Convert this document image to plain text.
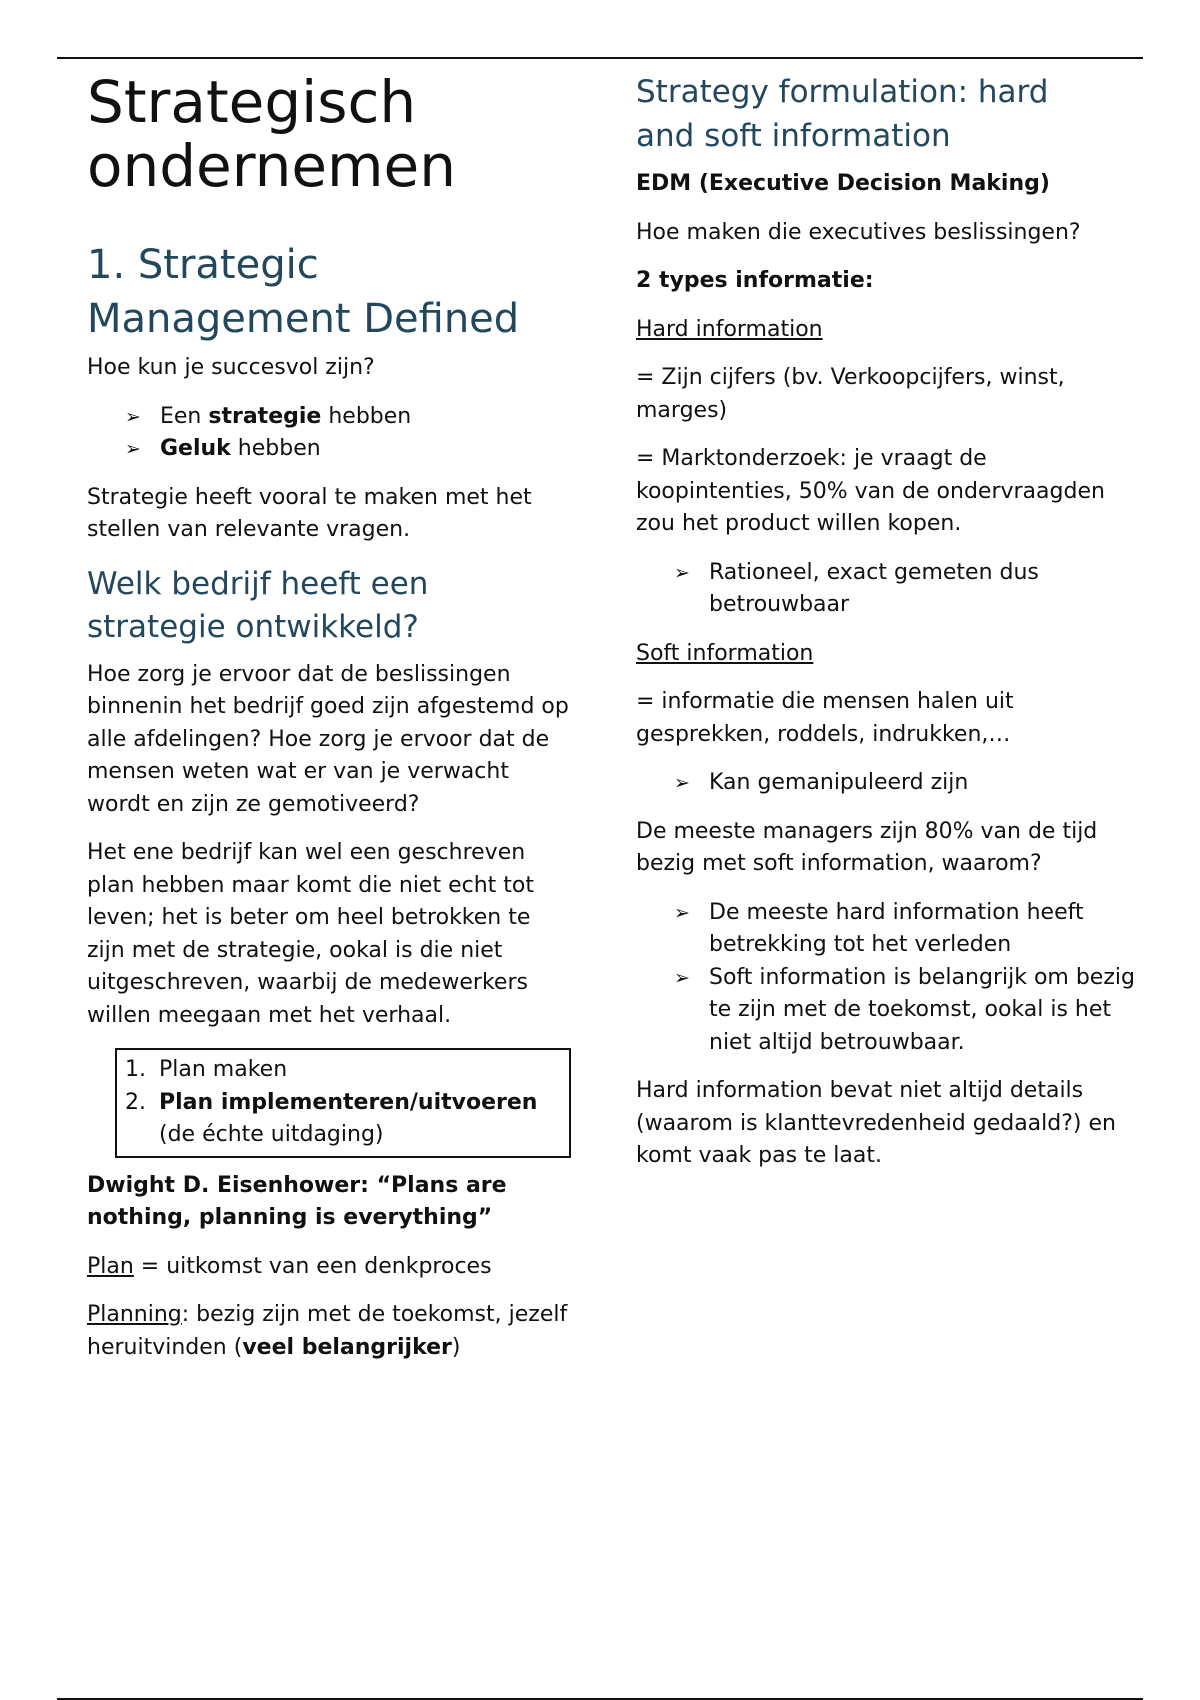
Strategisch
ondernemen
1. Strategic
Management Defined

Hoe kun je succesvol zijn?

➢ Een strategie hebben
➢ Geluk hebben

Strategie heeft vooral te maken met het stellen van relevante vragen.

Welk bedrijf heeft een
strategie ontwikkeld?

Hoe zorg je ervoor dat de beslissingen binnenin het bedrijf goed zijn afgestemd op alle afdelingen? Hoe zorg je ervoor dat de mensen weten wat er van je verwacht wordt en zijn ze gemotiveerd?

Het ene bedrijf kan wel een geschreven plan hebben maar komt die niet echt tot leven; het is beter om heel betrokken te zijn met de strategie, ookal is die niet uitgeschreven, waarbij de medewerkers willen meegaan met het verhaal.

1. Plan maken
2. Plan implementeren/uitvoeren (de échte uitdaging)

Dwight D. Eisenhower: “Plans are nothing, planning is everything”

Plan = uitkomst van een denkproces

Planning: bezig zijn met de toekomst, jezelf heruitvinden (veel belangrijker)

Strategy formulation: hard
and soft information

EDM (Executive Decision Making)

Hoe maken die executives beslissingen?

2 types informatie:

Hard information

= Zijn cijfers (bv. Verkoopcijfers, winst, marges)

= Marktonderzoek: je vraagt de koopintenties, 50% van de ondervraagden zou het product willen kopen.

➢ Rationeel, exact gemeten dus betrouwbaar

Soft information

= informatie die mensen halen uit gesprekken, roddels, indrukken,…

➢ Kan gemanipuleerd zijn

De meeste managers zijn 80% van de tijd bezig met soft information, waarom?

➢ De meeste hard information heeft betrekking tot het verleden
➢ Soft information is belangrijk om bezig te zijn met de toekomst, ookal is het niet altijd betrouwbaar.

Hard information bevat niet altijd details (waarom is klanttevredenheid gedaald?) en komt vaak pas te laat.
